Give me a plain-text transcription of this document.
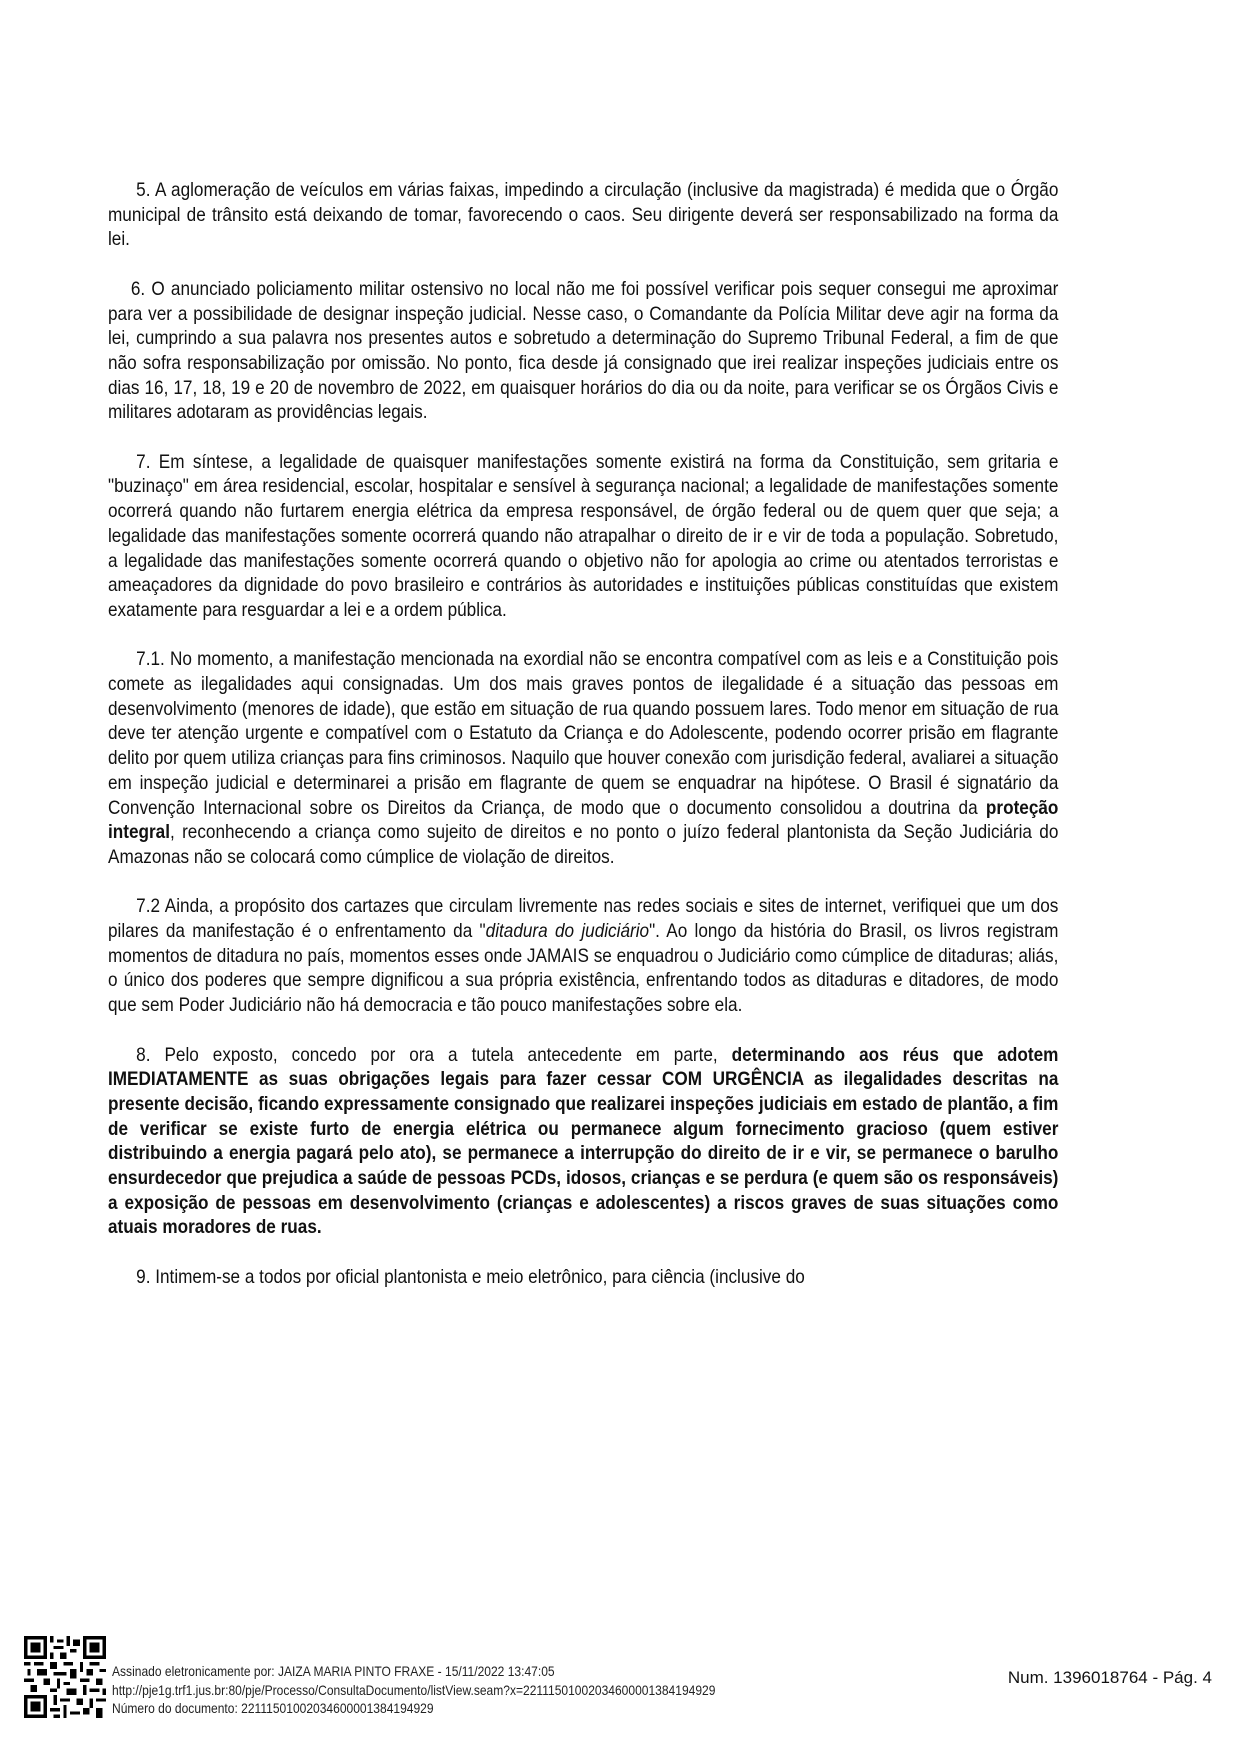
5. A aglomeração de veículos em várias faixas, impedindo a circulação (inclusive da magistrada) é medida que o Órgão municipal de trânsito está deixando de tomar, favorecendo o caos. Seu dirigente deverá ser responsabilizado na forma da lei.

6. O anunciado policiamento militar ostensivo no local não me foi possível verificar pois sequer consegui me aproximar para ver a possibilidade de designar inspeção judicial. Nesse caso, o Comandante da Polícia Militar deve agir na forma da lei, cumprindo a sua palavra nos presentes autos e sobretudo a determinação do Supremo Tribunal Federal, a fim de que não sofra responsabilização por omissão. No ponto, fica desde já consignado que irei realizar inspeções judiciais entre os dias 16, 17, 18, 19 e 20 de novembro de 2022, em quaisquer horários do dia ou da noite, para verificar se os Órgãos Civis e militares adotaram as providências legais.

7. Em síntese, a legalidade de quaisquer manifestações somente existirá na forma da Constituição, sem gritaria e "buzinaço" em área residencial, escolar, hospitalar e sensível à segurança nacional; a legalidade de manifestações somente ocorrerá quando não furtarem energia elétrica da empresa responsável, de órgão federal ou de quem quer que seja; a legalidade das manifestações somente ocorrerá quando não atrapalhar o direito de ir e vir de toda a população. Sobretudo, a legalidade das manifestações somente ocorrerá quando o objetivo não for apologia ao crime ou atentados terroristas e ameaçadores da dignidade do povo brasileiro e contrários às autoridades e instituições públicas constituídas que existem exatamente para resguardar a lei e a ordem pública.

7.1. No momento, a manifestação mencionada na exordial não se encontra compatível com as leis e a Constituição pois comete as ilegalidades aqui consignadas. Um dos mais graves pontos de ilegalidade é a situação das pessoas em desenvolvimento (menores de idade), que estão em situação de rua quando possuem lares. Todo menor em situação de rua deve ter atenção urgente e compatível com o Estatuto da Criança e do Adolescente, podendo ocorrer prisão em flagrante delito por quem utiliza crianças para fins criminosos. Naquilo que houver conexão com jurisdição federal, avaliarei a situação em inspeção judicial e determinarei a prisão em flagrante de quem se enquadrar na hipótese. O Brasil é signatário da Convenção Internacional sobre os Direitos da Criança, de modo que o documento consolidou a doutrina da proteção integral, reconhecendo a criança como sujeito de direitos e no ponto o juízo federal plantonista da Seção Judiciária do Amazonas não se colocará como cúmplice de violação de direitos.

7.2 Ainda, a propósito dos cartazes que circulam livremente nas redes sociais e sites de internet, verifiquei que um dos pilares da manifestação é o enfrentamento da "ditadura do judiciário". Ao longo da história do Brasil, os livros registram momentos de ditadura no país, momentos esses onde JAMAIS se enquadrou o Judiciário como cúmplice de ditaduras; aliás, o único dos poderes que sempre dignificou a sua própria existência, enfrentando todos as ditaduras e ditadores, de modo que sem Poder Judiciário não há democracia e tão pouco manifestações sobre ela.

8. Pelo exposto, concedo por ora a tutela antecedente em parte, determinando aos réus que adotem IMEDIATAMENTE as suas obrigações legais para fazer cessar COM URGÊNCIA as ilegalidades descritas na presente decisão, ficando expressamente consignado que realizarei inspeções judiciais em estado de plantão, a fim de verificar se existe furto de energia elétrica ou permanece algum fornecimento gracioso (quem estiver distribuindo a energia pagará pelo ato), se permanece a interrupção do direito de ir e vir, se permanece o barulho ensurdecedor que prejudica a saúde de pessoas PCDs, idosos, crianças e se perdura (e quem são os responsáveis) a exposição de pessoas em desenvolvimento (crianças e adolescentes) a riscos graves de suas situações como atuais moradores de ruas.

9. Intimem-se a todos por oficial plantonista e meio eletrônico, para ciência (inclusive do

Assinado eletronicamente por: JAIZA MARIA PINTO FRAXE - 15/11/2022 13:47:05
http://pje1g.trf1.jus.br:80/pje/Processo/ConsultaDocumento/listView.seam?x=22111501002034600001384194929
Número do documento: 22111501002034600001384194929
Num. 1396018764 - Pág. 4
